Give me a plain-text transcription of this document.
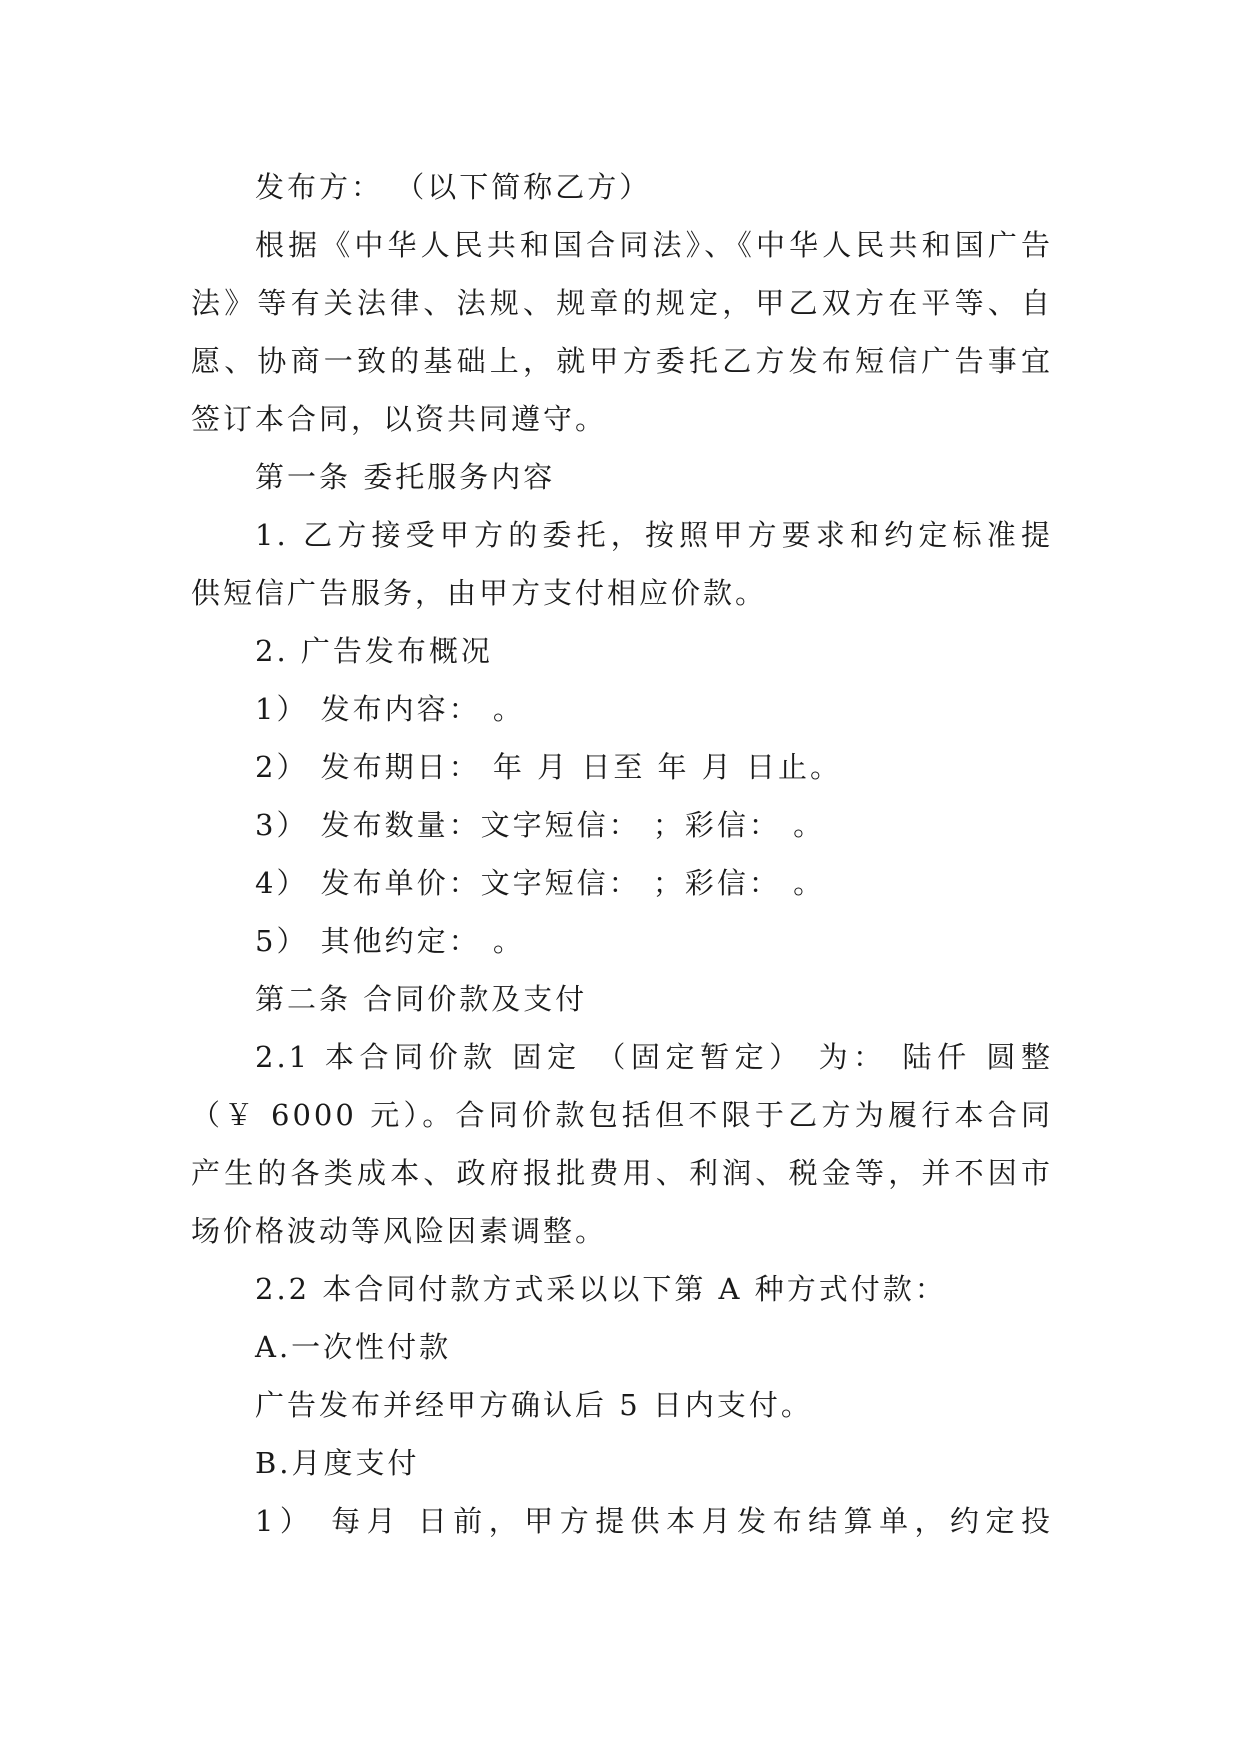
发布方： （以下简称乙方）

根据《中华人民共和国合同法》、《中华人民共和国广告

法》等有关法律、法规、规章的规定，甲乙双方在平等、自

愿、协商一致的基础上，就甲方委托乙方发布短信广告事宜

签订本合同，以资共同遵守。

第一条 委托服务内容

1. 乙方接受甲方的委托，按照甲方要求和约定标准提

供短信广告服务，由甲方支付相应价款。

2. 广告发布概况

1） 发布内容： 。

2） 发布期日： 年 月 日至 年 月 日止。

3） 发布数量：文字短信： ；彩信： 。

4） 发布单价：文字短信： ；彩信： 。

5） 其他约定： 。

第二条 合同价款及支付

2.1 本合同价款 固定 （固定暂定） 为： 陆仟 圆整

（￥ 6000 元）。合同价款包括但不限于乙方为履行本合同

产生的各类成本、政府报批费用、利润、税金等，并不因市

场价格波动等风险因素调整。

2.2 本合同付款方式采以以下第 A 种方式付款：

A.一次性付款

广告发布并经甲方确认后 5 日内支付。

B.月度支付

1） 每月 日前，甲方提供本月发布结算单，约定投
